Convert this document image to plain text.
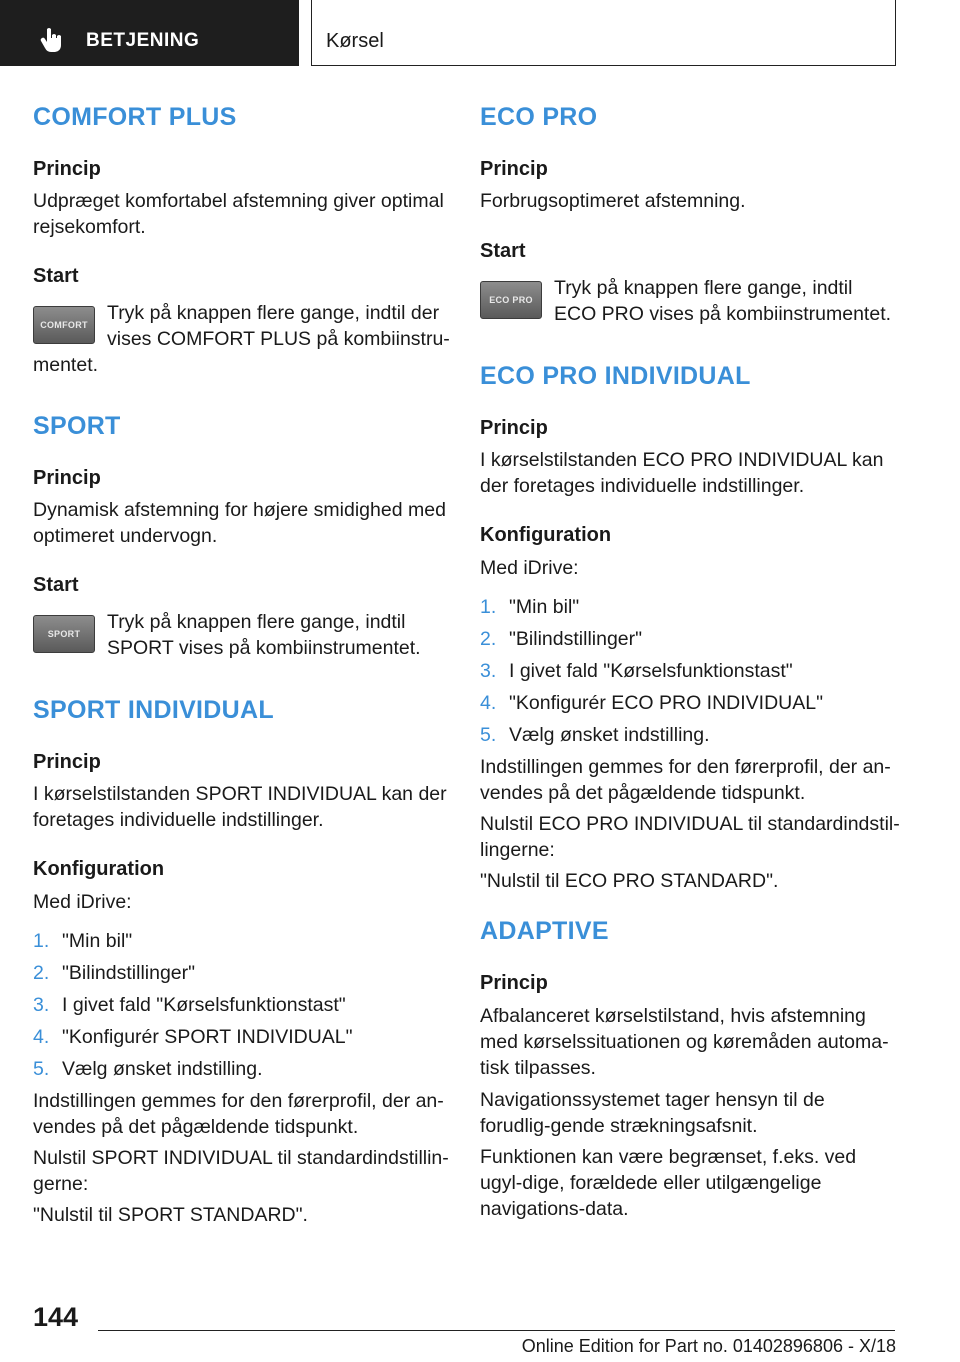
BETJENING	Kørsel
COMFORT PLUS
Princip
Udpræget komfortabel afstemning giver optimal rejsekomfort.
Start
COMFORT
Tryk på knappen flere gange, indtil der
vises COMFORT PLUS på kombiinstru-
mentet.
SPORT
Princip
Dynamisk afstemning for højere smidighed med optimeret undervogn.
Start
SPORT
Tryk på knappen flere gange, indtil SPORT vises på kombiinstrumentet.
SPORT INDIVIDUAL
Princip
I kørselstilstanden SPORT INDIVIDUAL kan der foretages individuelle indstillinger.
Konfiguration
Med iDrive:
1. "Min bil"
2. "Bilindstillinger"
3. I givet fald "Kørselsfunktionstast"
4. "Konfigurér SPORT INDIVIDUAL"
5. Vælg ønsket indstilling.
Indstillingen gemmes for den førerprofil, der an-vendes på det pågældende tidspunkt.
Nulstil SPORT INDIVIDUAL til standardindstillin-gerne:
"Nulstil til SPORT STANDARD".
ECO PRO
Princip
Forbrugsoptimeret afstemning.
Start
ECO PRO
Tryk på knappen flere gange, indtil ECO PRO vises på kombiinstrumentet.
ECO PRO INDIVIDUAL
Princip
I kørselstilstanden ECO PRO INDIVIDUAL kan der foretages individuelle indstillinger.
Konfiguration
Med iDrive:
1. "Min bil"
2. "Bilindstillinger"
3. I givet fald "Kørselsfunktionstast"
4. "Konfigurér ECO PRO INDIVIDUAL"
5. Vælg ønsket indstilling.
Indstillingen gemmes for den førerprofil, der an-vendes på det pågældende tidspunkt.
Nulstil ECO PRO INDIVIDUAL til standardindstil-lingerne:
"Nulstil til ECO PRO STANDARD".
ADAPTIVE
Princip
Afbalanceret kørselstilstand, hvis afstemning med kørselssituationen og køremåden automa-tisk tilpasses.
Navigationssystemet tager hensyn til de forudlig-gende strækningsafsnit.
Funktionen kan være begrænset, f.eks. ved ugyl-dige, forældede eller utilgængelige navigations-data.
144
Online Edition for Part no. 01402896806 - X/18
